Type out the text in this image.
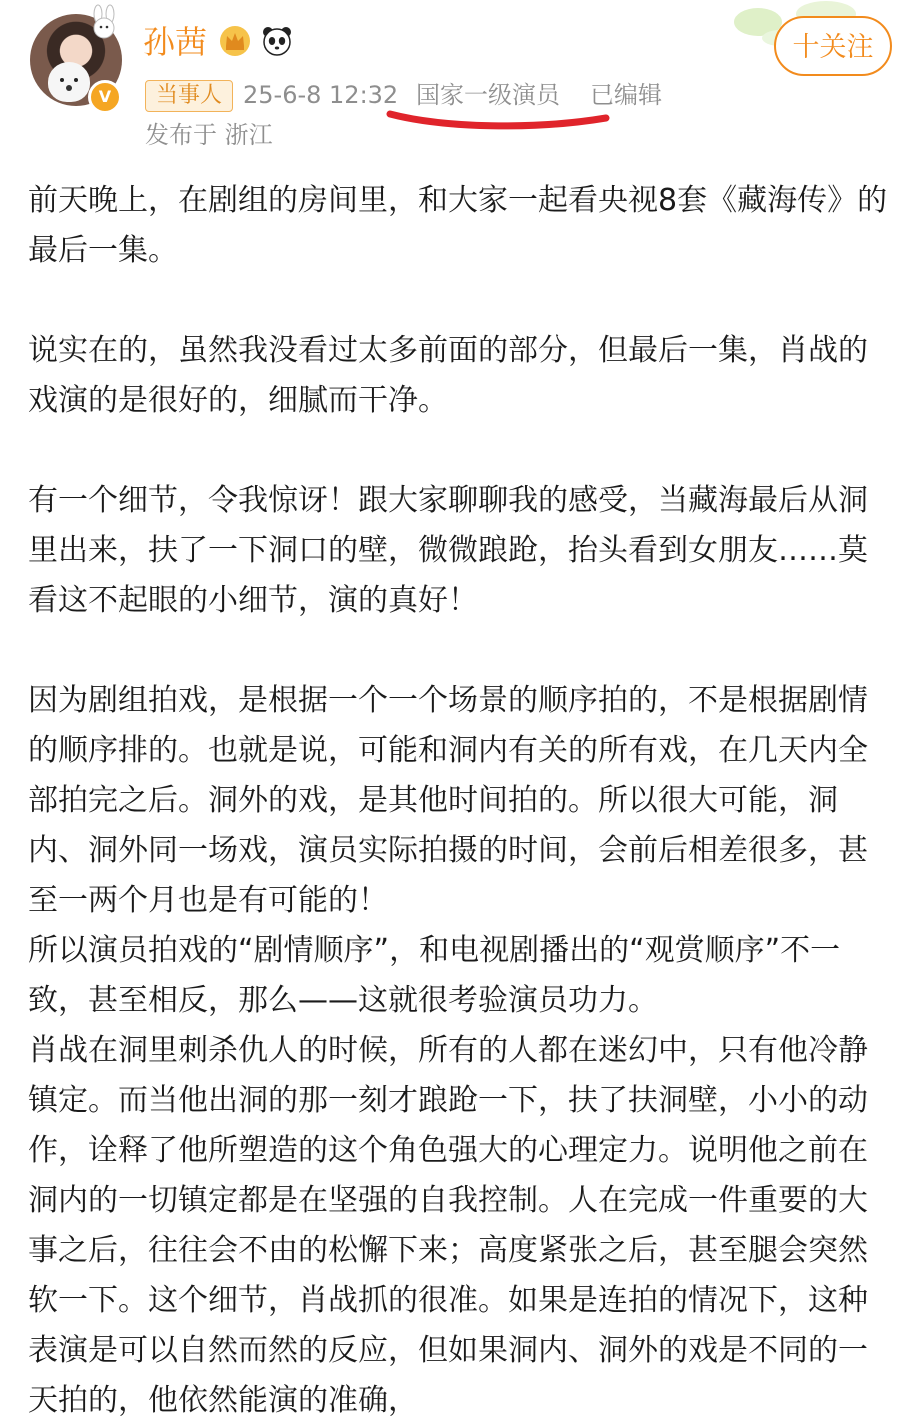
V
孙茜
当事人 25-6-8 12:32 国家一级演员 已编辑
发布于 浙江
十关注

前天晚上，在剧组的房间里，和大家一起看央视8套《藏海传》的最后一集。

说实在的，虽然我没看过太多前面的部分，但最后一集，肖战的戏演的是很好的，细腻而干净。

有一个细节，令我惊讶！跟大家聊聊我的感受，当藏海最后从洞里出来，扶了一下洞口的壁，微微踉跄，抬头看到女朋友……莫看这不起眼的小细节，演的真好！

因为剧组拍戏，是根据一个一个场景的顺序拍的，不是根据剧情的顺序排的。也就是说，可能和洞内有关的所有戏，在几天内全部拍完之后。洞外的戏，是其他时间拍的。所以很大可能，洞内、洞外同一场戏，演员实际拍摄的时间，会前后相差很多，甚至一两个月也是有可能的！

所以演员拍戏的“剧情顺序”，和电视剧播出的“观赏顺序”不一致，甚至相反，那么——这就很考验演员功力。

肖战在洞里刺杀仇人的时候，所有的人都在迷幻中，只有他冷静镇定。而当他出洞的那一刻才踉跄一下，扶了扶洞壁，小小的动作，诠释了他所塑造的这个角色强大的心理定力。说明他之前在洞内的一切镇定都是在坚强的自我控制。人在完成一件重要的大事之后，往往会不由的松懈下来；高度紧张之后，甚至腿会突然软一下。这个细节，肖战抓的很准。如果是连拍的情况下，这种表演是可以自然而然的反应，但如果洞内、洞外的戏是不同的一天拍的，他依然能演的准确，
